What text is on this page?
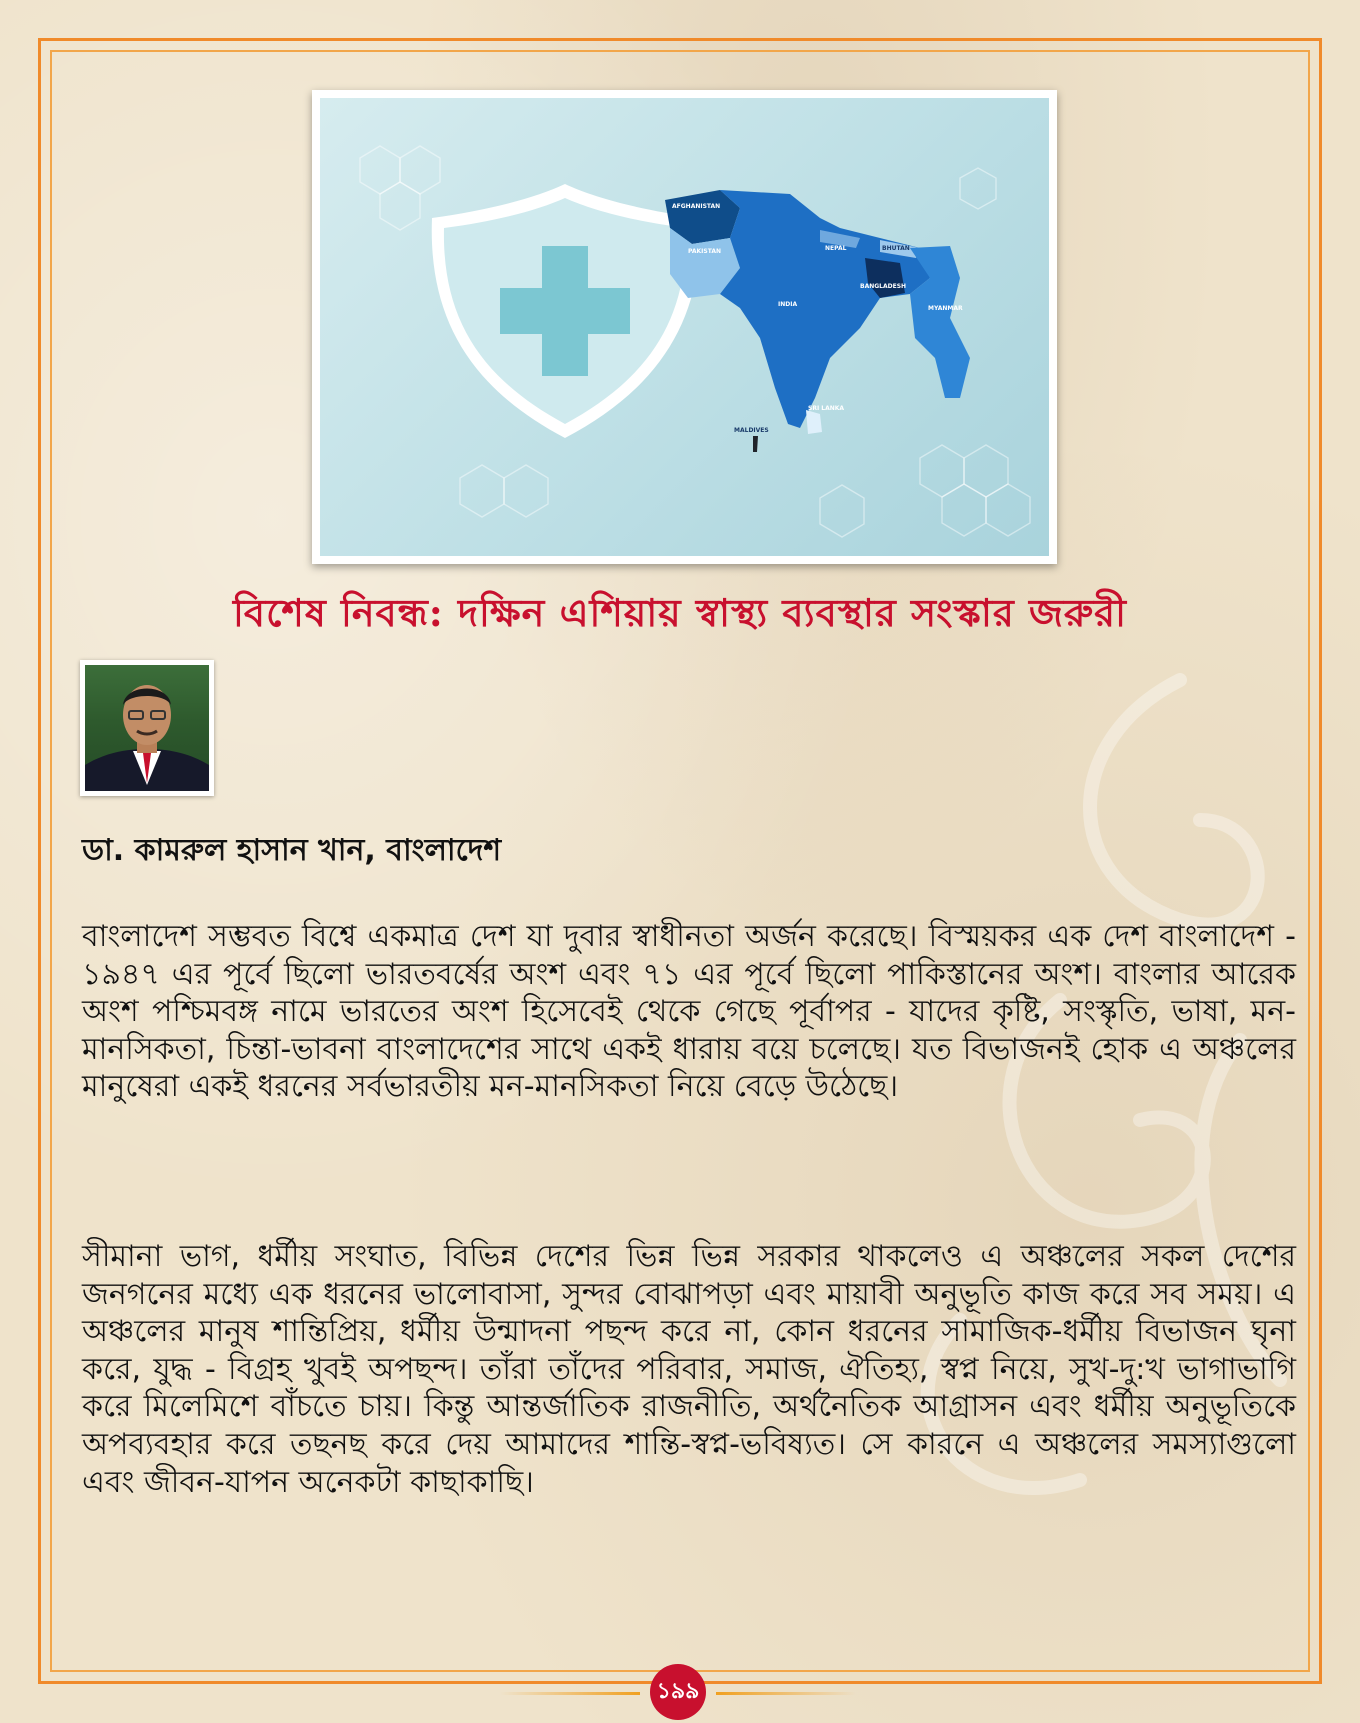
AFGHANISTAN
PAKISTAN	NEPAL	BHUTAN
BANGLADESH
INDIA
MYANMAR
SRI LANKA
MALDIVES
বিশেষ নিবন্ধ: দক্ষিন এশিয়ায় স্বাস্থ্য ব্যবস্থার সংস্কার জরুরী

ডা. কামরুল হাসান খান, বাংলাদেশ

বাংলাদেশ সম্ভবত বিশ্বে একমাত্র দেশ যা দুবার স্বাধীনতা অর্জন করেছে। বিস্ময়কর এক দেশ বাংলাদেশ - ১৯৪৭ এর পূর্বে ছিলো ভারতবর্ষের অংশ এবং ৭১ এর পূর্বে ছিলো পাকিস্তানের অংশ। বাংলার আরেক অংশ পশ্চিমবঙ্গ নামে ভারতের অংশ হিসেবেই থেকে গেছে পূর্বাপর - যাদের কৃষ্টি, সংস্কৃতি, ভাষা, মন-মানসিকতা, চিন্তা-ভাবনা বাংলাদেশের সাথে একই ধারায় বয়ে চলেছে। যত বিভাজনই হোক এ অঞ্চলের মানুষেরা একই ধরনের সর্বভারতীয় মন-মানসিকতা নিয়ে বেড়ে উঠেছে।

সীমানা ভাগ, ধর্মীয় সংঘাত, বিভিন্ন দেশের ভিন্ন ভিন্ন সরকার থাকলেও এ অঞ্চলের সকল দেশের জনগনের মধ্যে এক ধরনের ভালোবাসা, সুন্দর বোঝাপড়া এবং মায়াবী অনুভূতি কাজ করে সব সময়। এ অঞ্চলের মানুষ শান্তিপ্রিয়, ধর্মীয় উন্মাদনা পছন্দ করে না, কোন ধরনের সামাজিক-ধর্মীয় বিভাজন ঘৃনা করে, যুদ্ধ - বিগ্রহ খুবই অপছন্দ। তাঁরা তাঁদের পরিবার, সমাজ, ঐতিহ্য, স্বপ্ন নিয়ে, সুখ-দু:খ ভাগাভাগি করে মিলেমিশে বাঁচতে চায়। কিন্তু আন্তর্জাতিক রাজনীতি, অর্থনৈতিক আগ্রাসন এবং ধর্মীয় অনুভূতিকে অপব্যবহার করে তছনছ করে দেয় আমাদের শান্তি-স্বপ্ন-ভবিষ্যত। সে কারনে এ অঞ্চলের সমস্যাগুলো এবং জীবন-যাপন অনেকটা কাছাকাছি।

১৯৯
